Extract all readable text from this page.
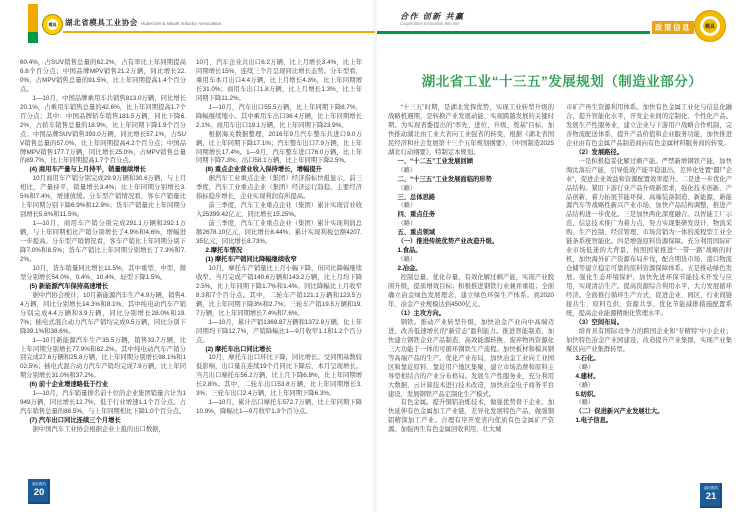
模具 湖北省模具工业协会 Hubei Die & Mould Industry Association
合作 创新 共赢
Cooperation Innovation Win-win	政策信息	模具
60.4%，占SUV销售总量的62.2%，占有率比上年同期提高6.6个百分点；中国品牌MPV销售21.2万辆，同比增长22.0%，占MPV销售总量的91.5%，比上年同期提高1.4个百分点。
1—10月，中国品牌乘用车共销售813.0万辆，同比增长20.1%，占乘用车销售总量的42.6%，比上年同期提高1.7个百分点；其中：中国品牌轿车销售181.5万辆，同比下降6.2%，占轿车销售总量的18.9%，比上年同期下降1.9个百分点；中国品牌SUV销售393.0万辆，同比增长57.1%，占SUV销售总量的57.0%，比上年同期提高4.2个百分点；中国品牌MPV销售177.7万辆，同比增长25.0%，占MPV销售总量的89.7%，比上年同期提高1.7个百分点。
(4) 商用车产量与上月持平，销量继续增长
10月商用车产销分别完成29.9万辆和30.6万辆，与上月相比，产量持平，销量增长3.4%；比上年同期分别增长3.5%和7.4%，增速放缓。分车型产销情况看，客车产销量比上年同期分别下降6.9%和12.9%；货车产销量比上年同期分别增长5.6%和11.5%。
1—10月，商用车产销分别完成291.1万辆和292.1万辆，与上年同期相比产销分别增长了4.9%和4.6%，增幅进一步提高。分车型产销情况看，客车产销比上年同期分别下降7.0%和8.5%；货车产销比上年同期分别增长了7.3%和7.2%。
10月，货车销量同比增长11.5%，其中重型、中型、微型分别增长54.0%、0.4%、10.4%，轻型下降1.5%。
(5) 新能源汽车保持高速增长
据中汽协会统计，10月新能源汽车生产4.9万辆，销售4.4万辆，同比分别增长14.3%和8.1%。其中纯电动汽车产销分别完成4.4万辆和3.9万辆，同比分别增长28.0%和19.7%；插电式混合动力汽车产销均完成0.5万辆，同比分别下降39.1%和38.6%。
1—10月新能源汽车生产35.5万辆，销售33.7万辆，比上年同期分别增长77.9%和82.2%。其中纯电动汽车产销分别完成27.6万辆和25.8万辆，比上年同期分别增长98.1%和102.5%；插电式混合动力汽车产销均完成7.9万辆，比上年同期分别增长31.0%和37.2%。
(6) 前十企业增速略低于行业
1—10月，汽车销量排名前十位的企业集团销量合计为1949万辆，同比增长12.7%，低于行业增速1.1个百分点。占汽车销售总量的88.5%，与上年同期相比下降1.0个百分点。
(7) 汽车出口同比连续三个月增长
据中国汽车工业协会根据企业上报的出口数据，
10月，汽车企业共出口6.2万辆，比上月增长3.4%，比上年同期增长15%，连续三个月呈现同比增长态势。分车型看，乘用车本月出口4.4万辆，比上月增长4.3%，比上年同期增长31.0%；商用车出口1.8万辆，比上月增长1.3%，比上年同期下降11.2%。
1—10月，汽车出口55.5万辆，比上年同期下降8.7%，降幅继续缩小。其中乘用车出口36.4万辆，比上年同期增长2.1%；商用车出口19.1万辆，比上年同期下降23.9%。
根据海关数据整理，2016年9月汽车整车共进口9.0万辆，比上年同期下降17.1%；汽车整车出口7.9万辆，比上年同期增长17.4%。1—9月，汽车整车进口76.0万辆，比上年同期下降7.3%；出口58.1万辆，比上年同期下降2.5%。
(8) 重点企业营业收入保持增长，增幅提升
据汽车工业重点企业（集团）经济指标快报显示，前三季度，汽车工业重点企业（集团）经济运行趋稳，主要经济指标稳步增长，企业实现利润有所提高。
前三季度，汽车工业重点企业（集团）累计实现营业收入25399.42亿元，同比增长15.25%。
前三季度，汽车工业重点企业（集团）累计实现利润总额2678.10亿元，同比增长8.44%；累计实现利税总额4207.35亿元，同比增长8.73%。
2.摩托车情况
(1) 摩托车产销同比降幅继续收窄
10月，摩托车产销量比上月小幅下降，但同比降幅继续收窄。当月完成产销140.6万辆和143.2万辆，比上月均下降2.5%，比上年同期下降1.7%和1.4%。同比降幅比上月收窄8.3和7个百分点。其中，二轮车产销121.1万辆和123.5万辆，比上年同期下降3%和2.7%；三轮车产销19.5万辆和19.7万辆，比上年同期增长7.4%和7.6%。
1—10月，累计产销1369.87万辆和1372.8万辆，比上年同期均下降12.7%，产销降幅比1—9月收窄1.1和1.2个百分点。
(2) 摩托车出口同比增长
10月，摩托车出口环比下降，同比增长。受同期基数较低影响，出口量在连续19个月同比下降后，本月呈现增长。当月出口摩托车56.2万辆，比上月下降6.8%，比上年同期增长2.8%。其中，二轮车出口53.8万辆，比上年同期增长3.3%；三轮车出口2.4万辆，比上年同期下降6.3%。
1—10月，累计出口摩托车572.7万辆，比上年同期下降10.9%，降幅比1—9月收窄1.3个百分点。
湖北省工业“十三五”发展规划（制造业部分）
“十三五”时期，是湖北发挥优势，实现工业转型升级的战略机遇期，是转换产业发展动能、实现跨越发展的关键时期。为实现省委提出的“率先、进位、升级、奠基”目标，加快推动湖北由工业大省向工业强省的转变，根据《湖北省国民经济和社会发展第十三个五年规划纲要》、《中国制造2025湖北行动纲要》，特制定本规划。
一、“十二五”工业发展回顾
（略）
二、“十三五”工业发展面临的形势
（略）
三、总体思路
（略）
四、重点任务
（略）
五、重点领域
（一）推进传统优势产业改造升级。
1.食品。
（略）
2.冶金。
控制总量，优化存量，有效化解过剩产能，实现产业脱困升级，提质增效目标；积极推进钢铁行业兼并重组；全面确立冶金绿色发展理念，建立绿色环保生产体系。到2020年，冶金产业规模达到4500亿元。
（1）主攻方向。
钢铁。推动产业转型升级，加快冶金产业向中高端迈进，改善低速增长的“新常态”盈利能力。推进智能制造，加快建立钢铁企业产品制造、高效能源转换、废弃物再资源化三大功能于一体的可循环钢铁生产流程。加快板材和模具钢等高端产品的生产。优化产业布局，加快冶金工业向工业园区和靠近原料、靠近用户地区集聚，建立市场消费和原料主导型相结合的产业分布格局。发展生产性服务业，充分利用大数据、云计算技术进行技术改造，加快冶金电子商务平台建设，发展钢铁产品定制化生产模式。
有色金属。提升铜铝冶炼技术，做强优势骨干企业。加快延伸有色金属加工产业链，差异化发展特色产品，做强铜铝精深加工产业。合理有序开发省内优质有色金属矿产资源。加强再生有色金属回收利用，壮大城
市矿产再生资源利用体系。加快有色金属工业化与信息化融合，提升智能化水平，开发企业间的定制化、个性化产品。发展生产性服务业，建立企业与下游用户战略合作机制，完善物流配送体系，提升产品价值和企业服务功能，加快推进企业由有色金属产品制造商向有色金属材料服务商的转变。
（2）发展路径。
一是积极稳妥化解过剩产能。严禁新增钢铁产能，加快淘汰落后产能，引导低效产能平稳退出，差异化处置“僵尸企业”，促进企业效益和资源配置效率提升。二是进一步优化产品结构。紧盯下游行业产品升级新需求，强化技术创新、产品创新，着力拓展节能环保、高端装备制造、新能源、新能源汽车等战略性新兴产业市场，加快产品结构调整，推进产品结构进一步优化。三是加快两化深度融合。以智能工厂示范、信息技术推广为着力点，努力实现集研发设计、物流采购、生产控制、经营管理、市场营销为一体的流程型工业全链条系统智能化。四是增强原料资源保障。充分利用国际矿业市场低迷的大背景，按照国家推进“一带一路”战略的时机，加快海外矿产资源布局步伐，配合期货市场、港口物流仓储等建立稳定可靠的原料资源保障体系。五是推动绿色发展。强化生态环境保护，加快先进环保节能技术开发与应用，实现清洁生产。提高资源综合利用水平，大力发展循环经济。全面推行循环生产方式，促进企业、园区、行业间链接共生、原料互供、资源共享。优化节能减排措施配置系统，提高企业能源精细化管理水平。
（3）空间布局。
培育具有国际竞争力的跨国企业和“专精特”中小企业；加快特色冶金产业园建设；改造提升产业集群，实现产业集聚区向产业集群转型。
3.石化。
（略）
4.建材。
（略）
5.纺织。
（略）
（二）促进新兴产业发展壮大。
1.电子信息。
湖北模具
20	湖北模具
21
